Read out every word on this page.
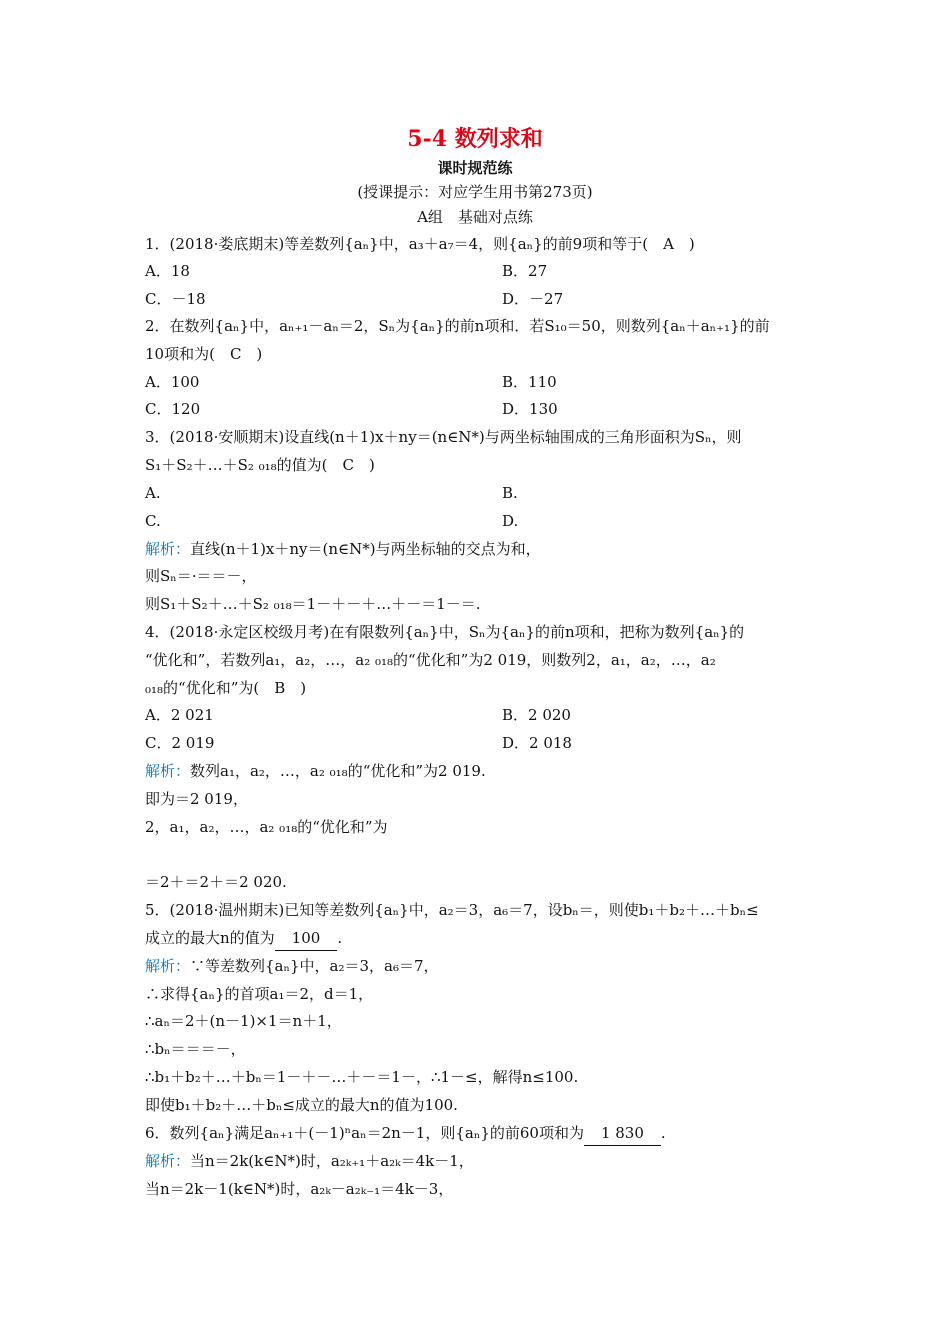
5-4 数列求和
课时规范练
(授课提示：对应学生用书第273页)
A组　基础对点练
1．(2018·娄底期末)等差数列{aₙ}中，a₃＋a₇＝4，则{aₙ}的前9项和等于(　A　)
A．18
C．－18
2．在数列{aₙ}中，aₙ₊₁－aₙ＝2，Sₙ为{aₙ}的前n项和．若S₁₀＝50，则数列{aₙ＋aₙ₊₁}的前
10项和为(　C　)
A．100
C．120
3．(2018·安顺期末)设直线(n＋1)x＋ny＝(n∈N*)与两坐标轴围成的三角形面积为Sₙ，则
S₁＋S₂＋…＋S₂ ₀₁₈的值为(　C　)
A.
C.
解析：直线(n＋1)x＋ny＝(n∈N*)与两坐标轴的交点为和，
则Sₙ＝·＝＝－，
则S₁＋S₂＋…＋S₂ ₀₁₈＝1－＋－＋…＋－＝1－＝.
4．(2018·永定区校级月考)在有限数列{aₙ}中，Sₙ为{aₙ}的前n项和，把称为数列{aₙ}的
“优化和”，若数列a₁，a₂，…，a₂ ₀₁₈的“优化和”为2 019，则数列2，a₁，a₂，…，a₂
₀₁₈的“优化和”为(　B　)
A．2 021
C．2 019
解析：数列a₁，a₂，…，a₂ ₀₁₈的“优化和”为2 019.
即为＝2 019，
2，a₁，a₂，…，a₂ ₀₁₈的“优化和”为
＝2＋＝2＋＝2 020.
5．(2018·温州期末)已知等差数列{aₙ}中，a₂＝3，a₆＝7，设bₙ＝，则使b₁＋b₂＋…＋bₙ≤
成立的最大n的值为　100　.
解析：∵等差数列{aₙ}中，a₂＝3，a₆＝7，
∴求得{aₙ}的首项a₁＝2，d＝1，
∴aₙ＝2＋(n－1)×1＝n＋1，
∴bₙ＝＝＝－，
∴b₁＋b₂＋…＋bₙ＝1－＋－…＋－＝1－，∴1－≤，解得n≤100.
即使b₁＋b₂＋…＋bₙ≤成立的最大n的值为100.
6．数列{aₙ}满足aₙ₊₁＋(－1)ⁿaₙ＝2n－1，则{aₙ}的前60项和为　1 830　.
解析：当n＝2k(k∈N*)时，a₂ₖ₊₁＋a₂ₖ＝4k－1，
当n＝2k－1(k∈N*)时，a₂ₖ－a₂ₖ₋₁＝4k－3，
B．27
D．－27
B．110
D．130
B.
D.
B．2 020
D．2 018
